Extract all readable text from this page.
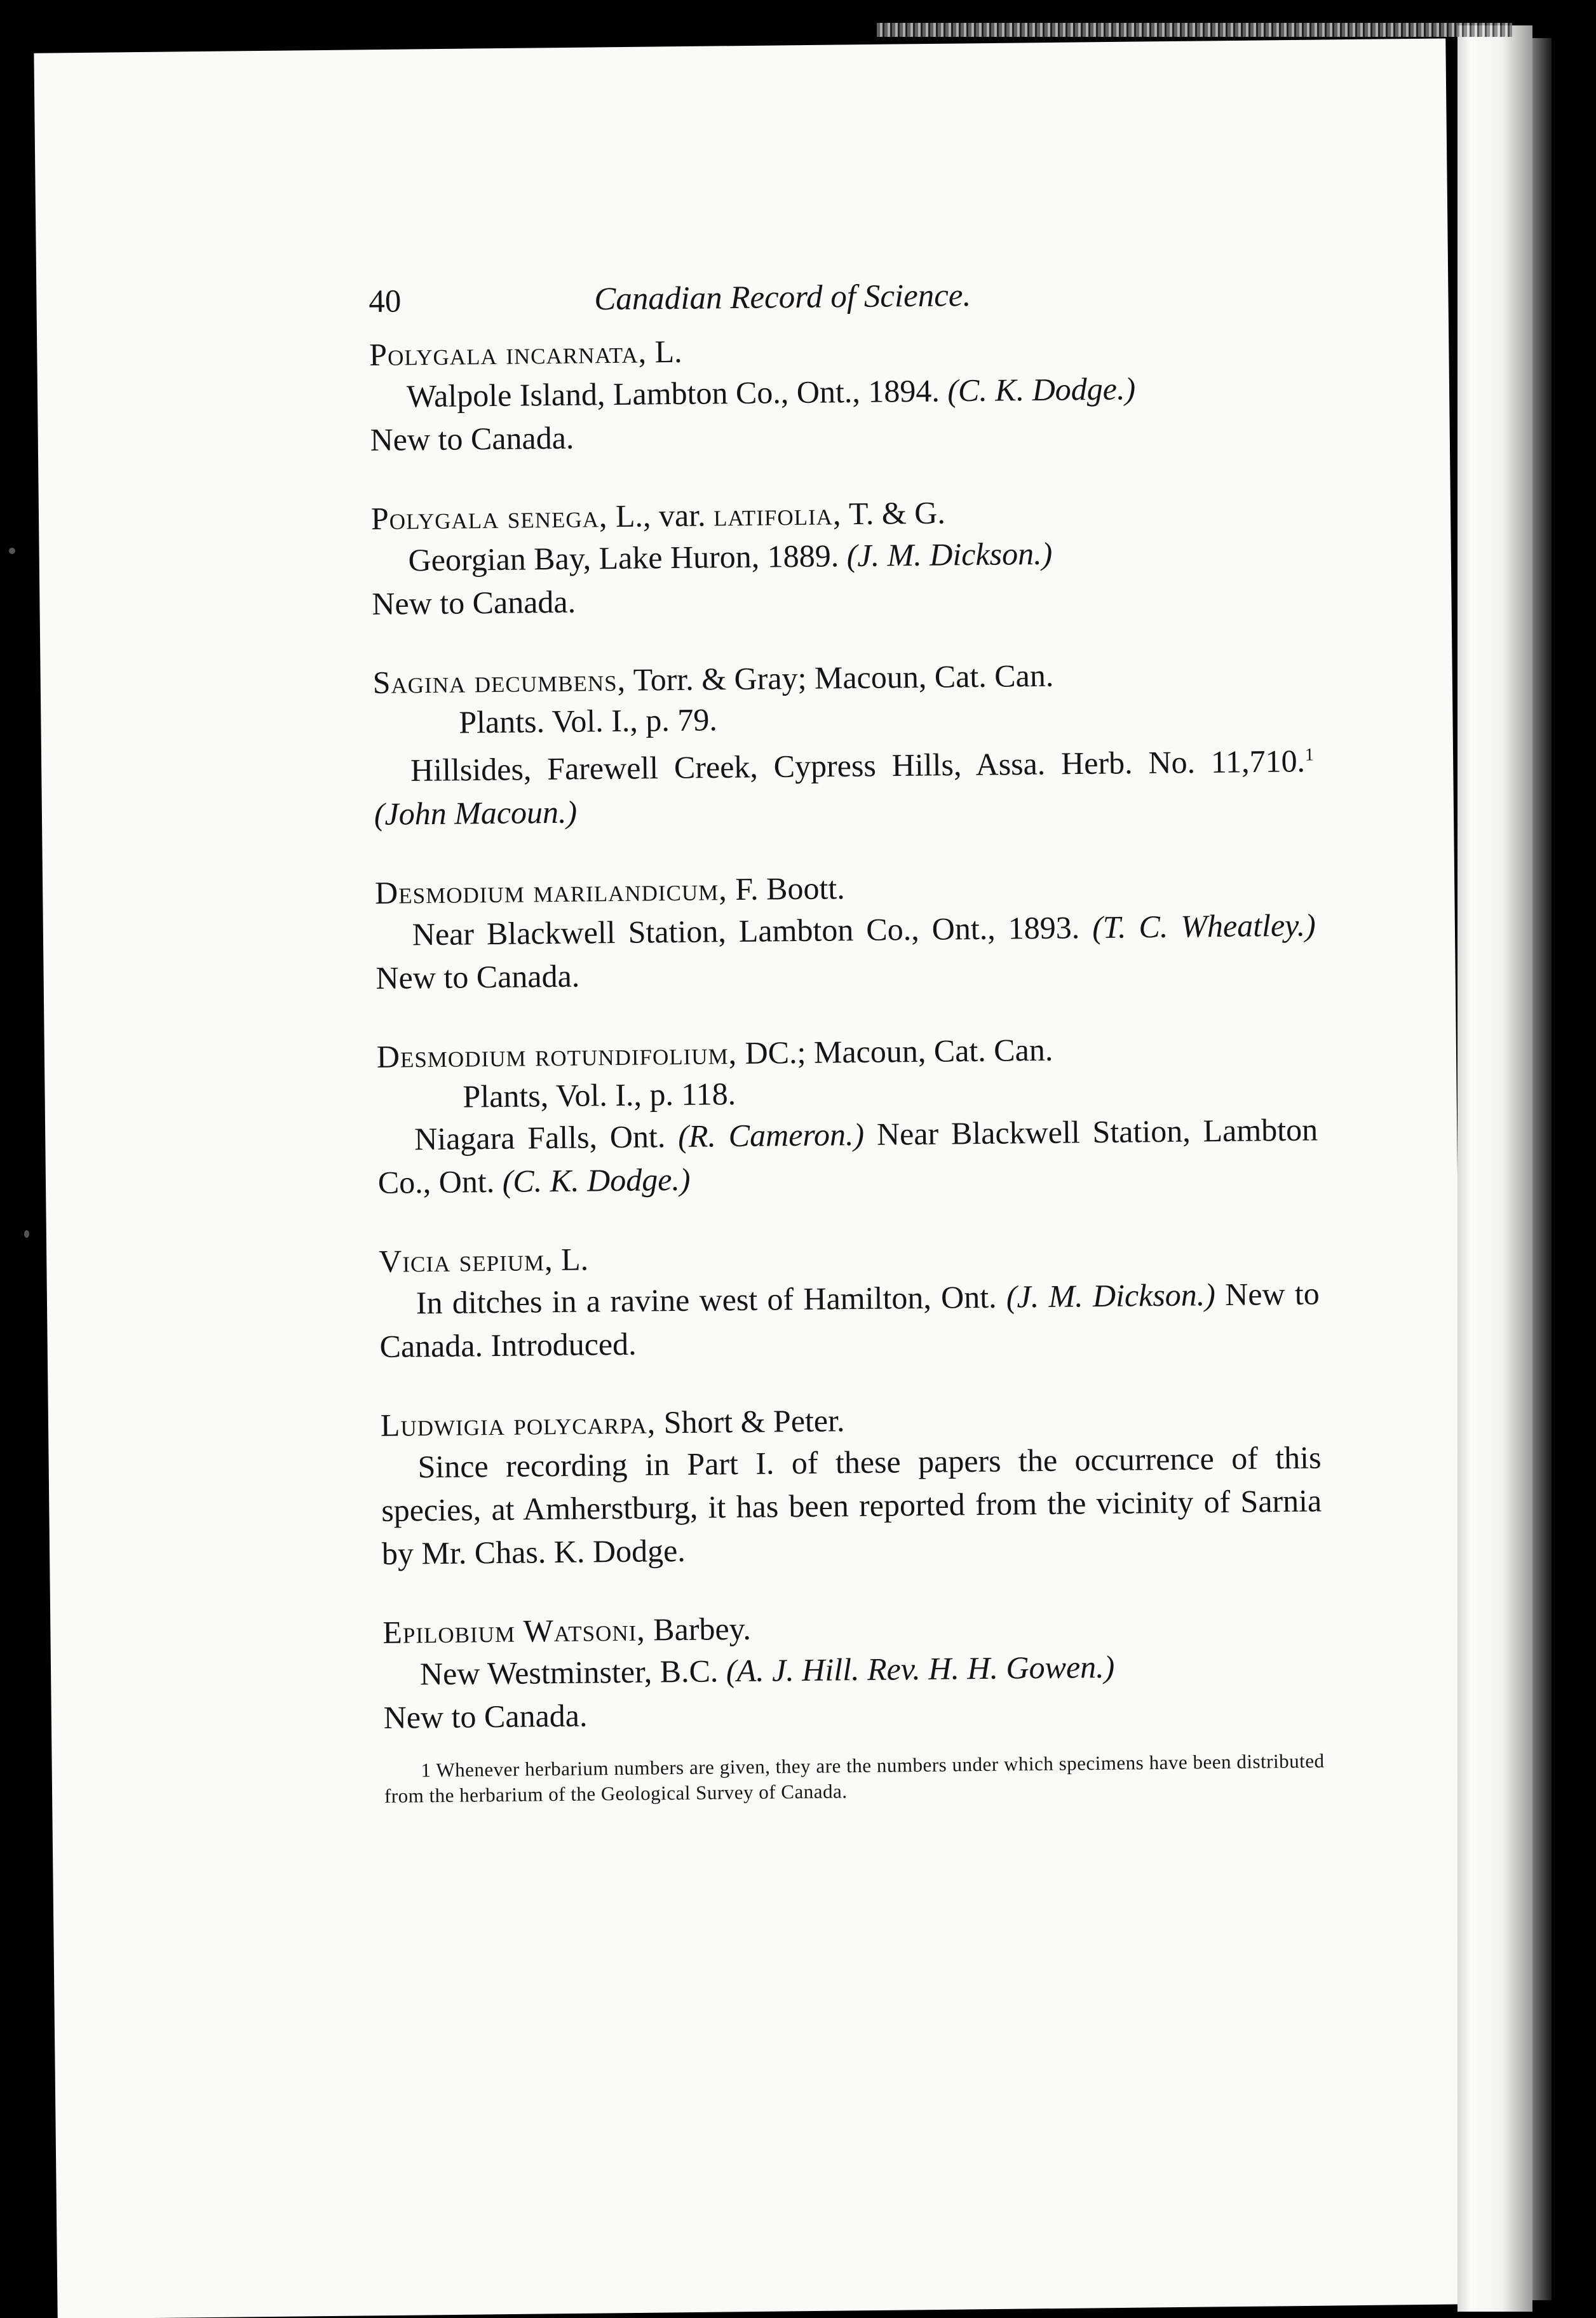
40	Canadian Record of Science.
Polygala incarnata, L.
Walpole Island, Lambton Co., Ont., 1894. (C. K. Dodge.)
New to Canada.
Polygala senega, L., var. latifolia, T. & G.
Georgian Bay, Lake Huron, 1889. (J. M. Dickson.)
New to Canada.
Sagina decumbens, Torr. & Gray; Macoun, Cat. Can.
Plants. Vol. I., p. 79.
Hillsides, Farewell Creek, Cypress Hills, Assa. Herb. No. 11,710.$^1$ (John Macoun.)
Desmodium marilandicum, F. Boott.
Near Blackwell Station, Lambton Co., Ont., 1893. (T. C. Wheatley.) New to Canada.
Desmodium rotundifolium, DC.; Macoun, Cat. Can.
Plants, Vol. I., p. 118.
Niagara Falls, Ont. (R. Cameron.) Near Blackwell Station, Lambton Co., Ont. (C. K. Dodge.)
Vicia sepium, L.
In ditches in a ravine west of Hamilton, Ont. (J. M. Dickson.) New to Canada. Introduced.
Ludwigia polycarpa, Short & Peter.
Since recording in Part I. of these papers the occurrence of this species, at Amherstburg, it has been reported from the vicinity of Sarnia by Mr. Chas. K. Dodge.
Epilobium Watsoni, Barbey.
New Westminster, B.C. (A. J. Hill. Rev. H. H. Gowen.)
New to Canada.
1 Whenever herbarium numbers are given, they are the numbers under which specimens have been distributed from the herbarium of the Geological Survey of Canada.
